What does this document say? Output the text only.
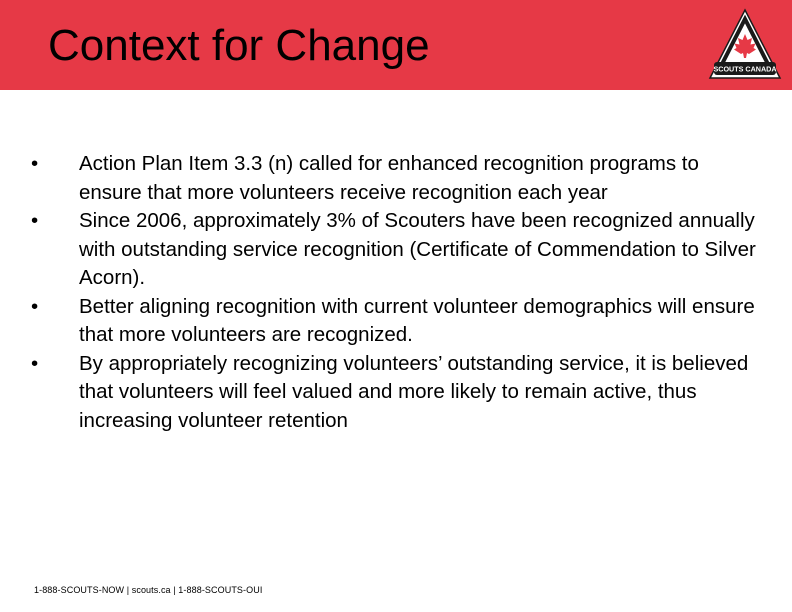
Context for Change	SCOUTS CANADA
•	Action Plan Item 3.3 (n) called for enhanced recognition programs to ensure that more volunteers receive recognition each year
•	Since 2006, approximately 3% of Scouters have been recognized annually with outstanding service recognition (Certificate of Commendation to Silver Acorn).
•	Better aligning recognition with current volunteer demographics will ensure that more volunteers are recognized.
•	By appropriately recognizing volunteers’ outstanding service, it is believed that volunteers will feel valued and more likely to remain active, thus increasing volunteer retention

1-888-SCOUTS-NOW | scouts.ca | 1-888-SCOUTS-OUI
